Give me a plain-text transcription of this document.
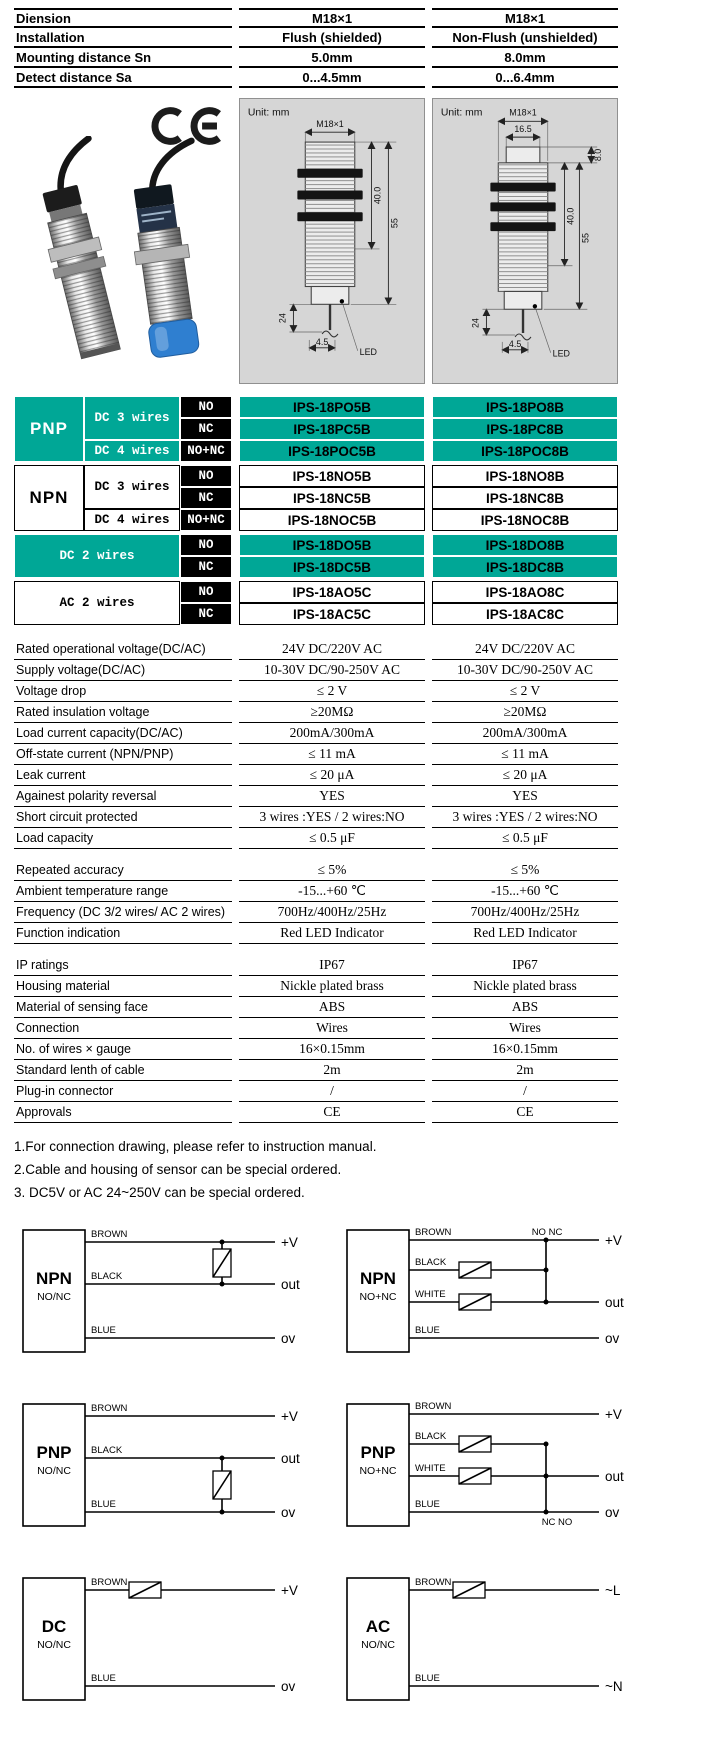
Diension	M18×1	M18×1
Installation	Flush (shielded)	Non-Flush (unshielded)
Mounting distance Sn	5.0mm	8.0mm
Detect distance Sa	0...4.5mm	0...6.4mm
Unit: mm
M18×1
40.0
55
24
4.5
LED
Unit: mm	M18×1
16.5
8.0
40.0
55
24
4.5
LED
PNP
DC 3 wires
NO	IPS-18PO5B	IPS-18PO8B
NC	IPS-18PC5B	IPS-18PC8B
DC 4 wires	NO+NC	IPS-18POC5B	IPS-18POC8B
NPN
DC 3 wires
NO	IPS-18NO5B	IPS-18NO8B
NC	IPS-18NC5B	IPS-18NC8B
DC 4 wires	NO+NC	IPS-18NOC5B	IPS-18NOC8B
DC 2 wires
NO	IPS-18DO5B	IPS-18DO8B
NC	IPS-18DC5B	IPS-18DC8B
AC 2 wires
NO	IPS-18AO5C	IPS-18AO8C
NC	IPS-18AC5C	IPS-18AC8C
Rated operational voltage(DC/AC)	24V DC/220V AC	24V DC/220V AC
Supply voltage(DC/AC)	10-30V DC/90-250V AC	10-30V DC/90-250V AC
Voltage drop	≤ 2 V	≤ 2 V
Rated insulation voltage	≥20MΩ	≥20MΩ
Load current capacity(DC/AC)	200mA/300mA	200mA/300mA
Off-state current (NPN/PNP)	≤ 11 mA	≤ 11 mA
Leak current	≤ 20 μA	≤ 20 μA
Againest polarity reversal	YES	YES
Short circuit protected	3 wires :YES / 2 wires:NO	3 wires :YES / 2 wires:NO
Load capacity	≤ 0.5 μF	≤ 0.5 μF
Repeated accuracy	≤ 5%	≤ 5%
Ambient temperature range	-15...+60 ℃	-15...+60 ℃
Frequency (DC 3/2 wires/ AC 2 wires)	700Hz/400Hz/25Hz	700Hz/400Hz/25Hz
Function indication	Red LED Indicator	Red LED Indicator
IP ratings	IP67	IP67
Housing material	Nickle plated brass	Nickle plated brass
Material of sensing face	ABS	ABS
Connection	Wires	Wires
No. of wires × gauge	16×0.15mm	16×0.15mm
Standard lenth of cable	2m	2m
Plug-in connector	/	/
Approvals	CE	CE
1.For connection drawing, please refer to instruction manual.
2.Cable and housing of sensor can be special ordered.
3. DC5V or AC 24~250V can be special ordered.
NPN
NO/NC
BROWN
BLACK
BLUE
+V
out
ov
NPN
NO+NC
BROWN	NO NC
BLACK
WHITE
BLUE
+V
out
ov
PNP
NO/NC
BROWN
BLACK
BLUE
+V
out
ov
PNP
NO+NC
BROWN
BLACK
WHITE
BLUE
NC NO
+V
out
ov
DC
NO/NC
BROWN
BLUE
+V
ov
AC
NO/NC
BROWN
BLUE
~L
~N
